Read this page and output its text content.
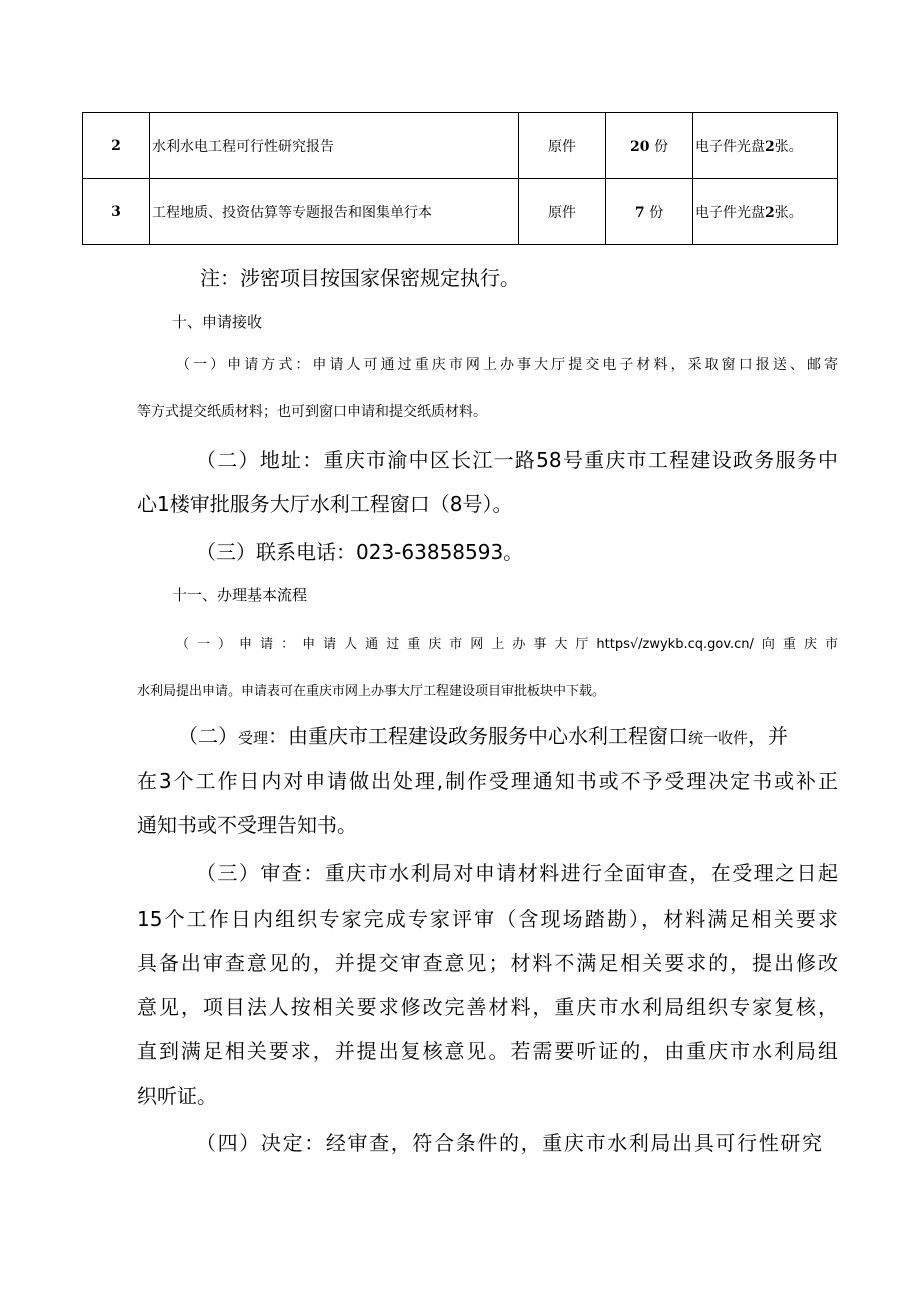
2	水利水电工程可行性研究报告	原件	20 份	电子件光盘2张。
3	工程地质、投资估算等专题报告和图集单行本	原件	7 份	电子件光盘2张。
注：涉密项目按国家保密规定执行。
十、申请接收
（一）申请方式：申请人可通过重庆市网上办事大厅提交电子材料，采取窗口报送、邮寄
等方式提交纸质材料；也可到窗口申请和提交纸质材料。
（二）地址：重庆市渝中区长江一路58号重庆市工程建设政务服务中
心1楼审批服务大厅水利工程窗口（8号）。
（三）联系电话：023-63858593。
十一、办理基本流程
（一）申请：申请人通过重庆市网上办事大厅https√/zwykb.cq.gov.cn/向重庆市
水利局提出申请。申请表可在重庆市网上办事大厅工程建设项目审批板块中下载。
（二）受理：由重庆市工程建设政务服务中心水利工程窗口统一收件，并
在3个工作日内对申请做出处理,制作受理通知书或不予受理决定书或补正
通知书或不受理告知书。
（三）审查：重庆市水利局对申请材料进行全面审查，在受理之日起
15个工作日内组织专家完成专家评审（含现场踏勘），材料满足相关要求
具备出审查意见的，并提交审查意见；材料不满足相关要求的，提出修改
意见，项目法人按相关要求修改完善材料，重庆市水利局组织专家复核，
直到满足相关要求，并提出复核意见。若需要听证的，由重庆市水利局组
织听证。
（四）决定：经审查，符合条件的，重庆市水利局出具可行性研究
